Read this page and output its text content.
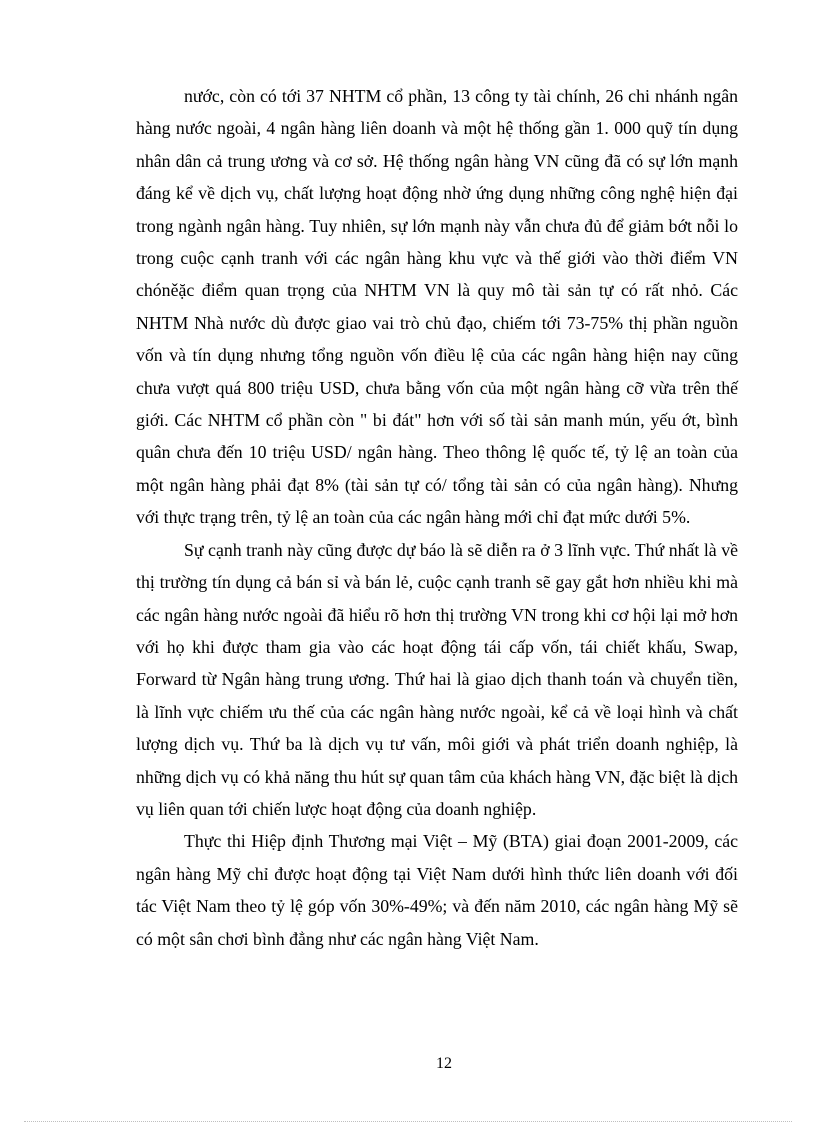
nước, còn có tới 37 NHTM cổ phần, 13 công ty tài chính, 26 chi nhánh ngân hàng nước ngoài, 4 ngân hàng liên doanh và một hệ thống gần 1. 000 quỹ tín dụng nhân dân cả trung ương và cơ sở. Hệ thống ngân hàng VN cũng đã có sự lớn mạnh đáng kể về dịch vụ, chất lượng hoạt động nhờ ứng dụng những công nghệ hiện đại trong ngành ngân hàng. Tuy nhiên, sự lớn mạnh này vẫn chưa đủ để giảm bớt nỗi lo trong cuộc cạnh tranh với các ngân hàng khu vực và thế giới vào thời điểm VN chóněặc điểm quan trọng của NHTM VN là quy mô tài sản tự có rất nhỏ. Các NHTM Nhà nước dù được giao vai trò chủ đạo, chiếm tới 73-75% thị phần nguồn vốn và tín dụng nhưng tổng nguồn vốn điều lệ của các ngân hàng hiện nay cũng chưa vượt quá 800 triệu USD, chưa bằng vốn của một ngân hàng cỡ vừa trên thế giới. Các NHTM cổ phần còn " bi đát" hơn với số tài sản manh mún, yếu ớt, bình quân chưa đến 10 triệu USD/ ngân hàng. Theo thông lệ quốc tế, tỷ lệ an toàn của một ngân hàng phải đạt 8% (tài sản tự có/ tổng tài sản có của ngân hàng). Nhưng với thực trạng trên, tỷ lệ an toàn của các ngân hàng mới chỉ đạt mức dưới 5%.

Sự cạnh tranh này cũng được dự báo là sẽ diễn ra ở 3 lĩnh vực. Thứ nhất là về thị trường tín dụng cả bán sỉ và bán lẻ, cuộc cạnh tranh sẽ gay gắt hơn nhiều khi mà các ngân hàng nước ngoài đã hiểu rõ hơn thị trường VN trong khi cơ hội lại mở hơn với họ khi được tham gia vào các hoạt động tái cấp vốn, tái chiết khấu, Swap, Forward từ Ngân hàng trung ương. Thứ hai là giao dịch thanh toán và chuyển tiền, là lĩnh vực chiếm ưu thế của các ngân hàng nước ngoài, kể cả về loại hình và chất lượng dịch vụ. Thứ ba là dịch vụ tư vấn, môi giới và phát triển doanh nghiệp, là những dịch vụ có khả năng thu hút sự quan tâm của khách hàng VN, đặc biệt là dịch vụ liên quan tới chiến lược hoạt động của doanh nghiệp.

Thực thi Hiệp định Thương mại Việt – Mỹ (BTA) giai đoạn 2001-2009, các ngân hàng Mỹ chỉ được hoạt động tại Việt Nam dưới hình thức liên doanh với đối tác Việt Nam theo tỷ lệ góp vốn 30%-49%; và đến năm 2010, các ngân hàng Mỹ sẽ có một sân chơi bình đẳng như các ngân hàng Việt Nam.

12
